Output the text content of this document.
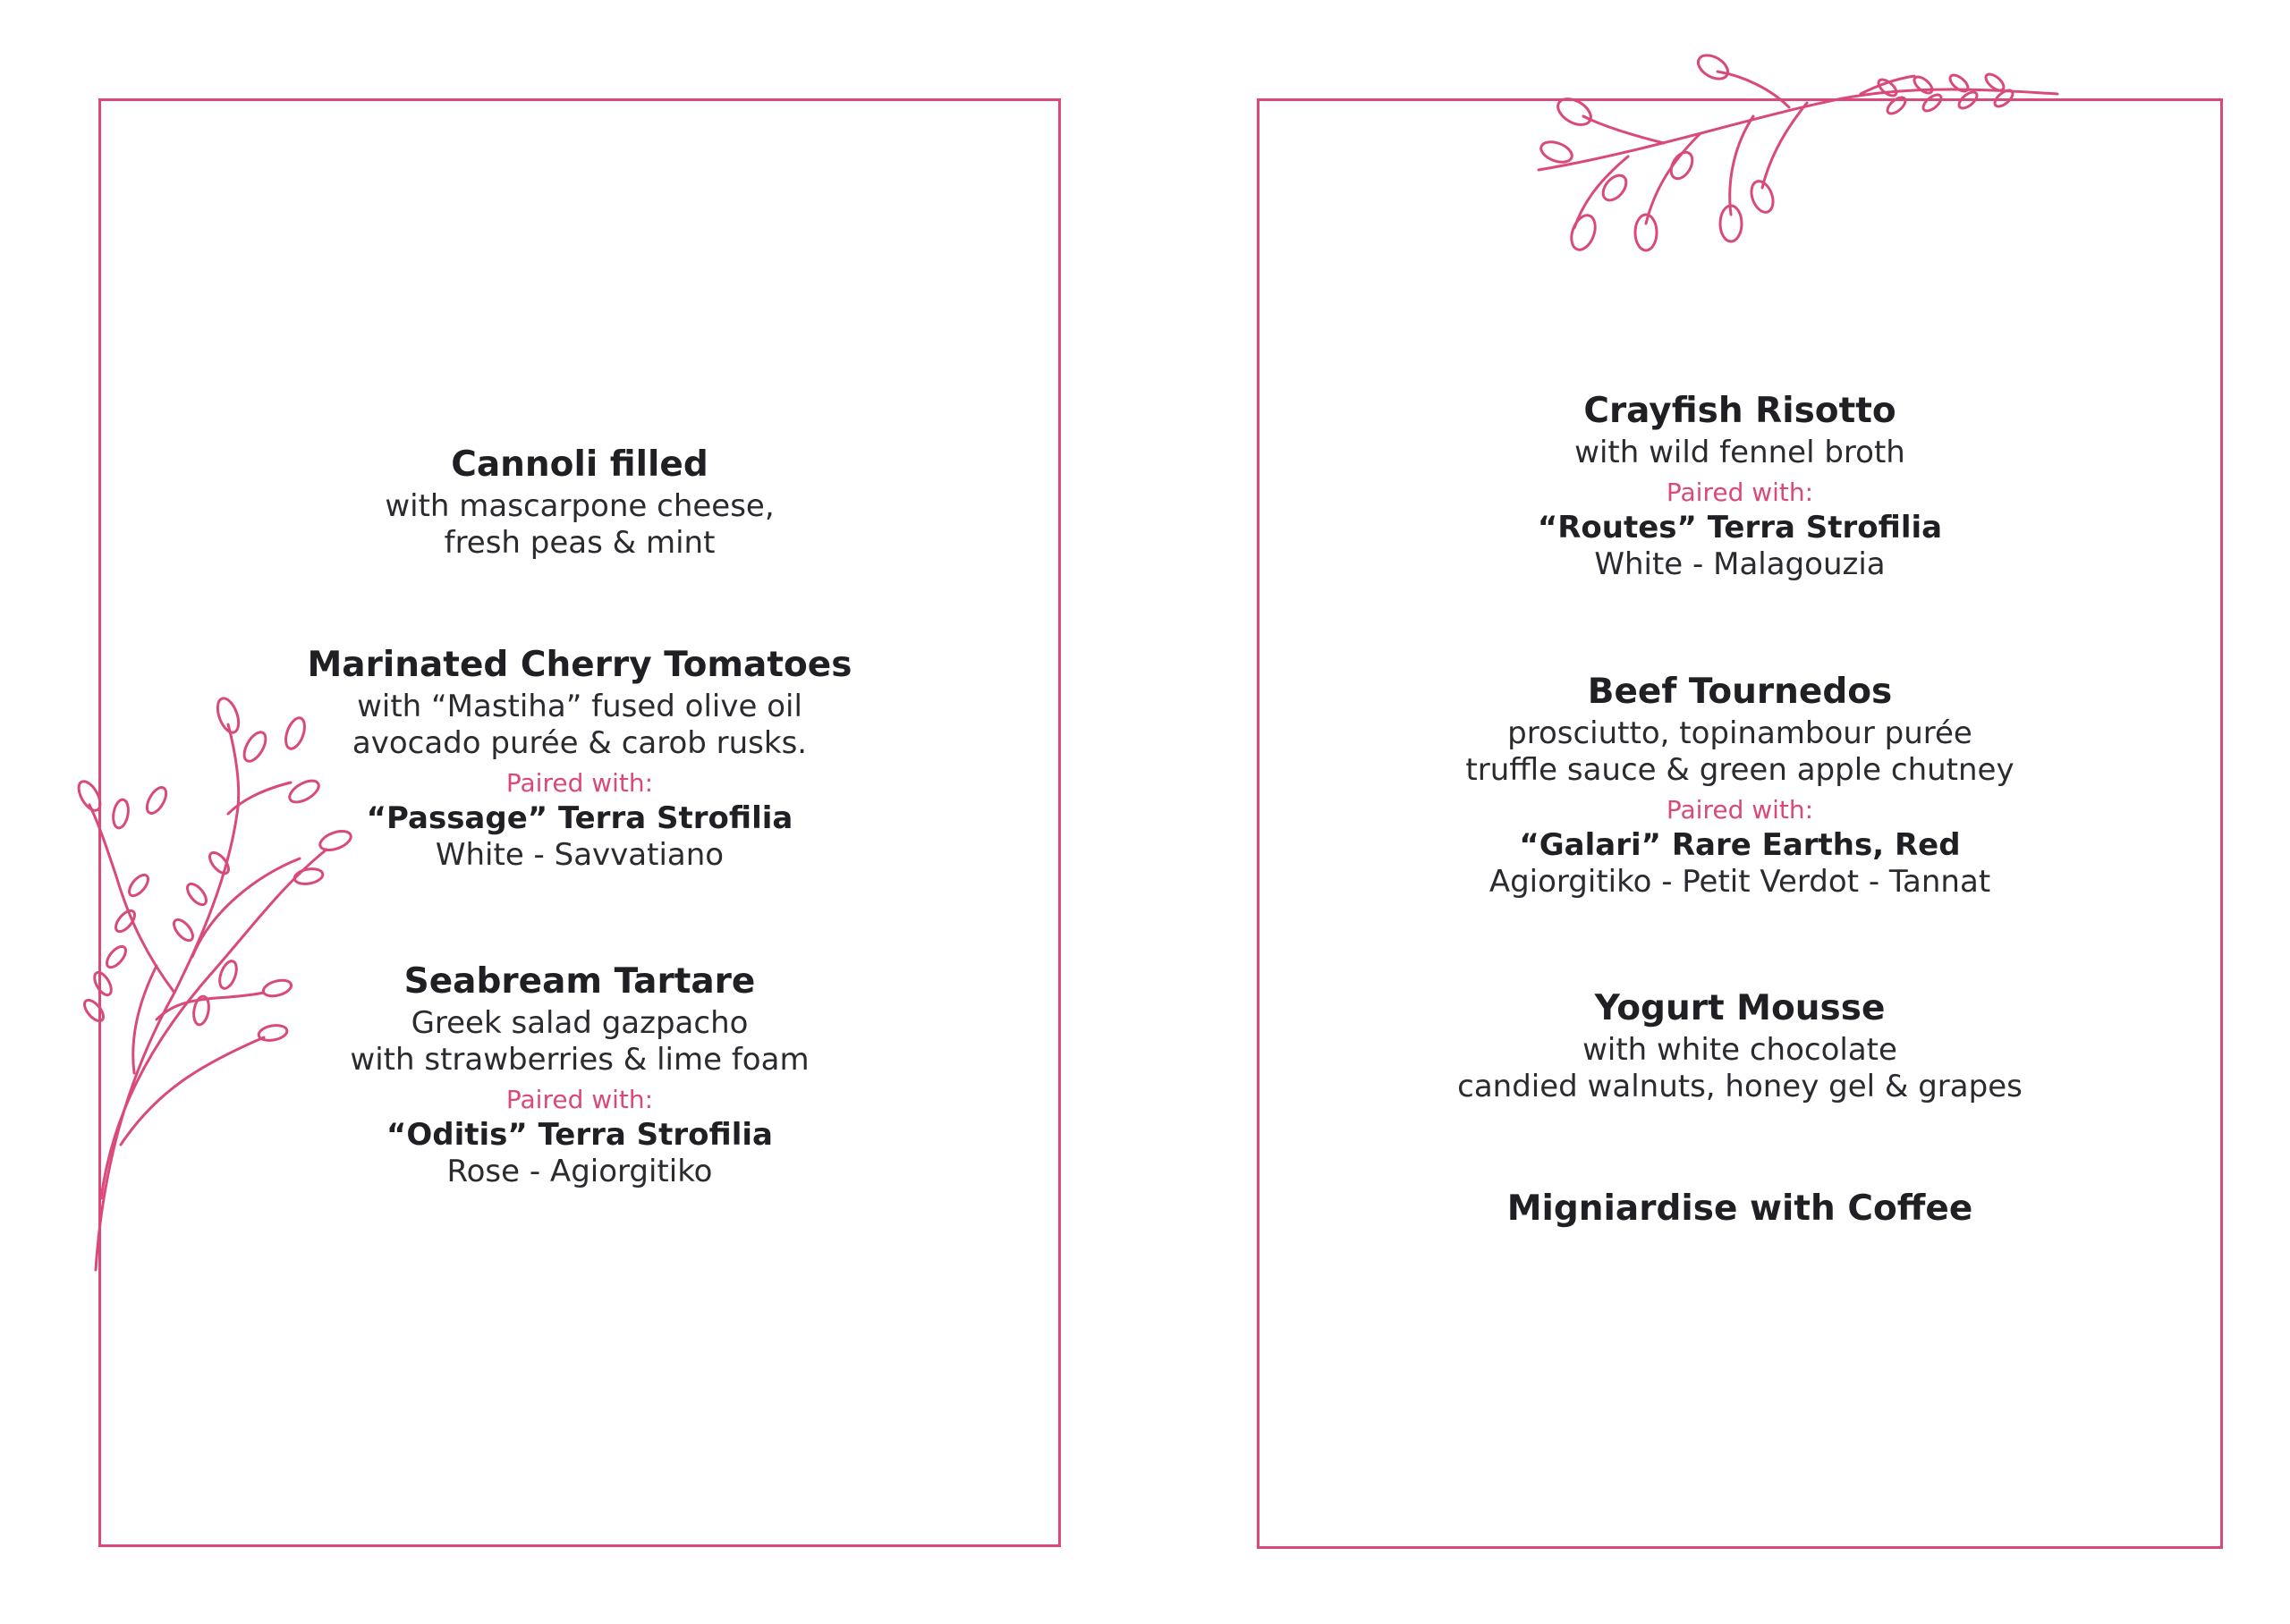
Cannoli filled
with mascarpone cheese,
fresh peas & mint
Marinated Cherry Tomatoes
with “Mastiha” fused olive oil
avocado purée & carob rusks.
Paired with:
“Passage” Terra Strofilia
White - Savvatiano
Seabream Tartare
Greek salad gazpacho
with strawberries & lime foam
Paired with:
“Oditis” Terra Strofilia
Rose - Agiorgitiko
Crayfish Risotto
with wild fennel broth
Paired with:
“Routes” Terra Strofilia
White - Malagouzia
Beef Tournedos
prosciutto, topinambour purée
truffle sauce & green apple chutney
Paired with:
“Galari” Rare Earths, Red
Agiorgitiko - Petit Verdot - Tannat
Yogurt Mousse
with white chocolate
candied walnuts, honey gel & grapes
Migniardise with Coffee
